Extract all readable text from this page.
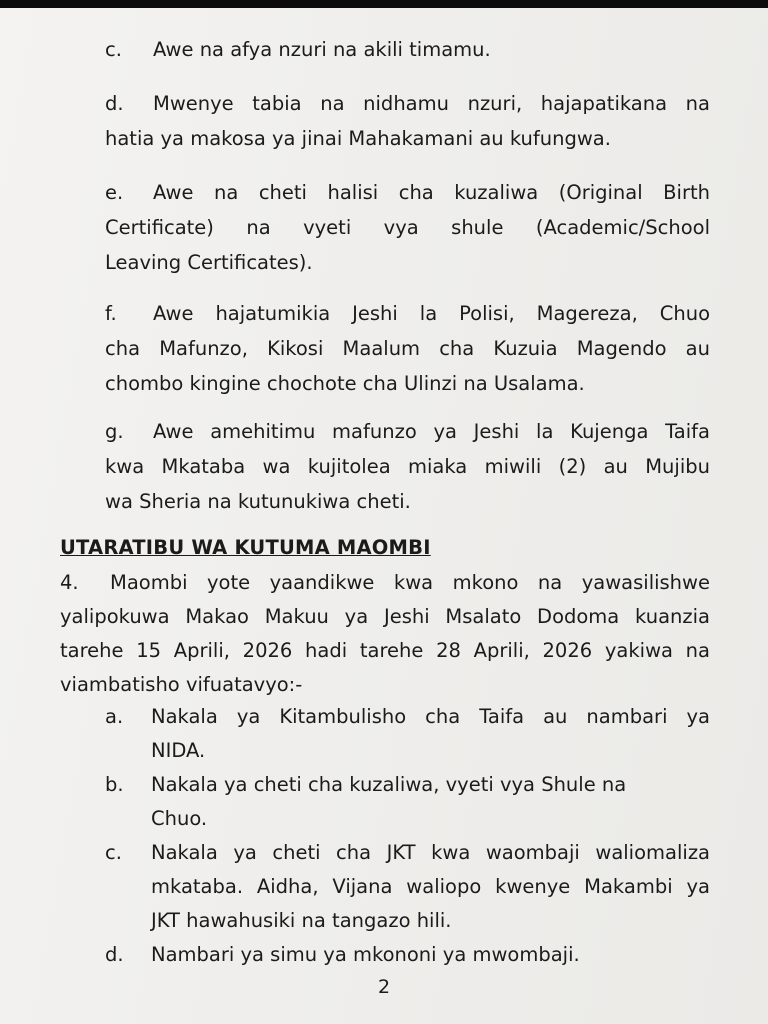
c. Awe na afya nzuri na akili timamu.
d. Mwenye tabia na nidhamu nzuri, hajapatikana na
hatia ya makosa ya jinai Mahakamani au kufungwa.
e. Awe na cheti halisi cha kuzaliwa (Original Birth
Certificate) na vyeti vya shule (Academic/School
Leaving Certificates).
f. Awe hajatumikia Jeshi la Polisi, Magereza, Chuo
cha Mafunzo, Kikosi Maalum cha Kuzuia Magendo au
chombo kingine chochote cha Ulinzi na Usalama.
g. Awe amehitimu mafunzo ya Jeshi la Kujenga Taifa
kwa Mkataba wa kujitolea miaka miwili (2) au Mujibu
wa Sheria na kutunukiwa cheti.
UTARATIBU WA KUTUMA MAOMBI
4. Maombi yote yaandikwe kwa mkono na yawasilishwe
yalipokuwa Makao Makuu ya Jeshi Msalato Dodoma kuanzia
tarehe 15 Aprili, 2026 hadi tarehe 28 Aprili, 2026 yakiwa na
viambatisho vifuatavyo:-
a. Nakala ya Kitambulisho cha Taifa au nambari ya
NIDA.
b. Nakala ya cheti cha kuzaliwa, vyeti vya Shule na
Chuo.
c. Nakala ya cheti cha JKT kwa waombaji waliomaliza
mkataba. Aidha, Vijana waliopo kwenye Makambi ya
JKT hawahusiki na tangazo hili.
d. Nambari ya simu ya mkononi ya mwombaji.
2
